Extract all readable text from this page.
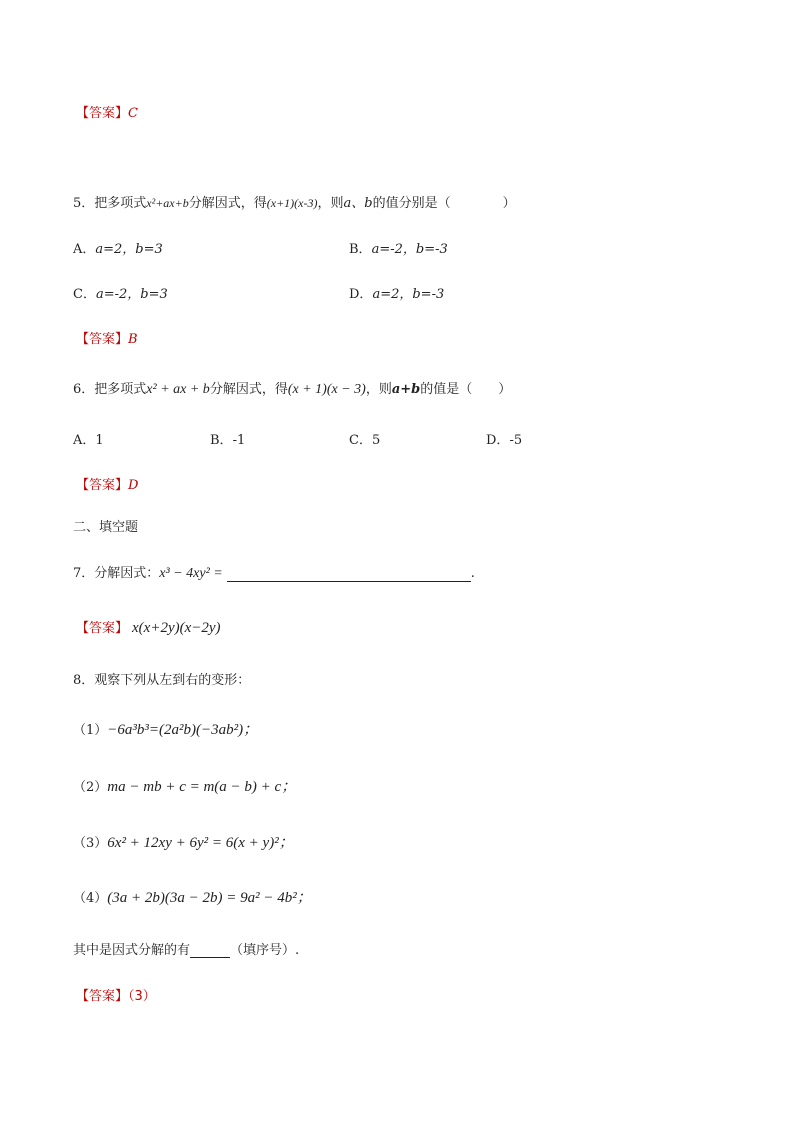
【答案】C
5．把多项式x²+ax+b分解因式，得(x+1)(x-3)，则a、b的值分别是（　　　　）
A．a=2，b=3	B．a=-2，b=-3
C．a=-2，b=3	D．a=2，b=-3
【答案】B
6．把多项式x² + ax + b分解因式，得(x + 1)(x − 3)，则a+b的值是（　　）
A．1	B．-1	C．5	D．-5
【答案】D
二、填空题
7．分解因式：x³ − 4xy² =	.
【答案】 x(x+2y)(x−2y)
8．观察下列从左到右的变形：
（1）−6a³b³=(2a²b)(−3ab²)；
（2）ma − mb + c = m(a − b) + c；
（3）6x² + 12xy + 6y² = 6(x + y)²；
（4）(3a + 2b)(3a − 2b) = 9a² − 4b²；
其中是因式分解的有	（填序号）.
【答案】（3）
